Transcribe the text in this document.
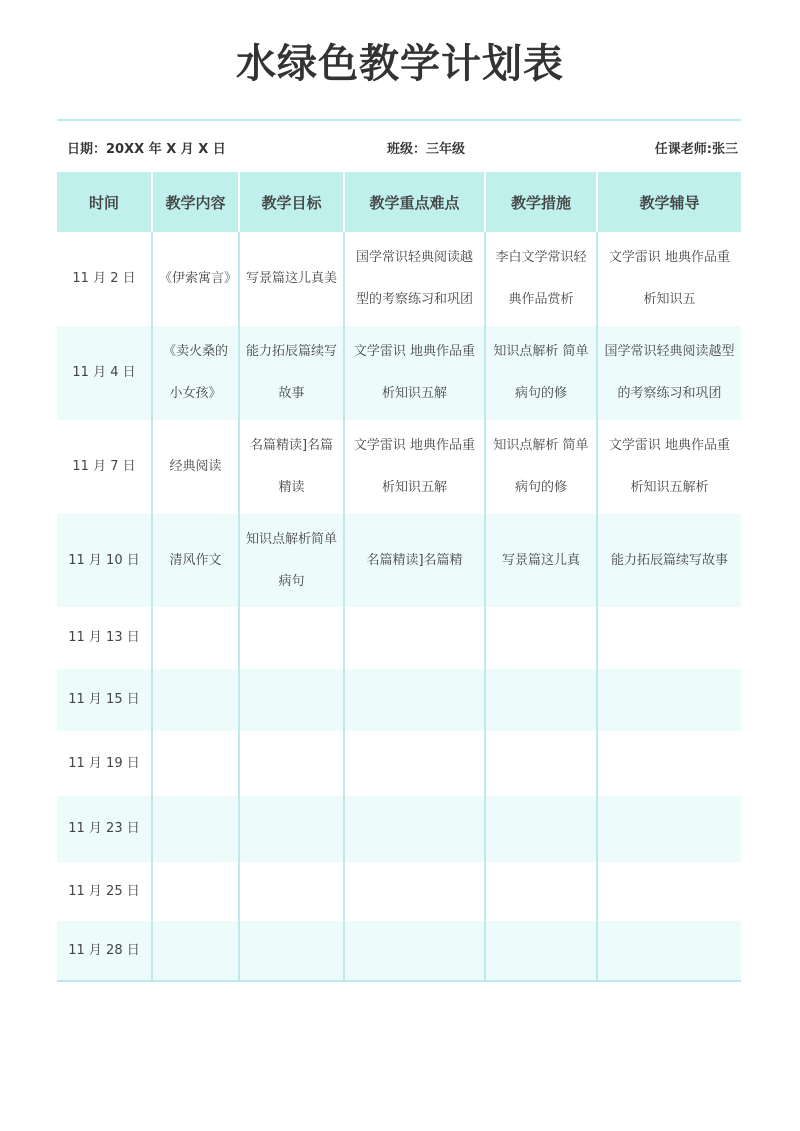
水绿色教学计划表
日期：20XX 年 X 月 X 日	班级：三年级	任课老师:张三
时间	教学内容	教学目标	教学重点难点	教学措施	教学辅导
11 月 2 日	《伊索寓言》	写景篇这儿真美	国学常识轻典阅读越型的考察练习和巩团	李白文学常识轻典作品赏析	文学雷识 地典作品重析知识五
11 月 4 日	《卖火桑的小女孩》	能力拓辰篇续写故事	文学雷识 地典作品重析知识五解	知识点解析 简单病句的修	国学常识轻典阅读越型的考察练习和巩团
11 月 7 日	经典阅读	名篇精读]名篇精读	文学雷识 地典作品重析知识五解	知识点解析 简单病句的修	文学雷识 地典作品重析知识五解析
11 月 10 日	清风作文	知识点解析简单病句	名篇精读]名篇精	写景篇这儿真	能力拓辰篇续写故事
11 月 13 日					
11 月 15 日					
11 月 19 日					
11 月 23 日					
11 月 25 日					
11 月 28 日					
